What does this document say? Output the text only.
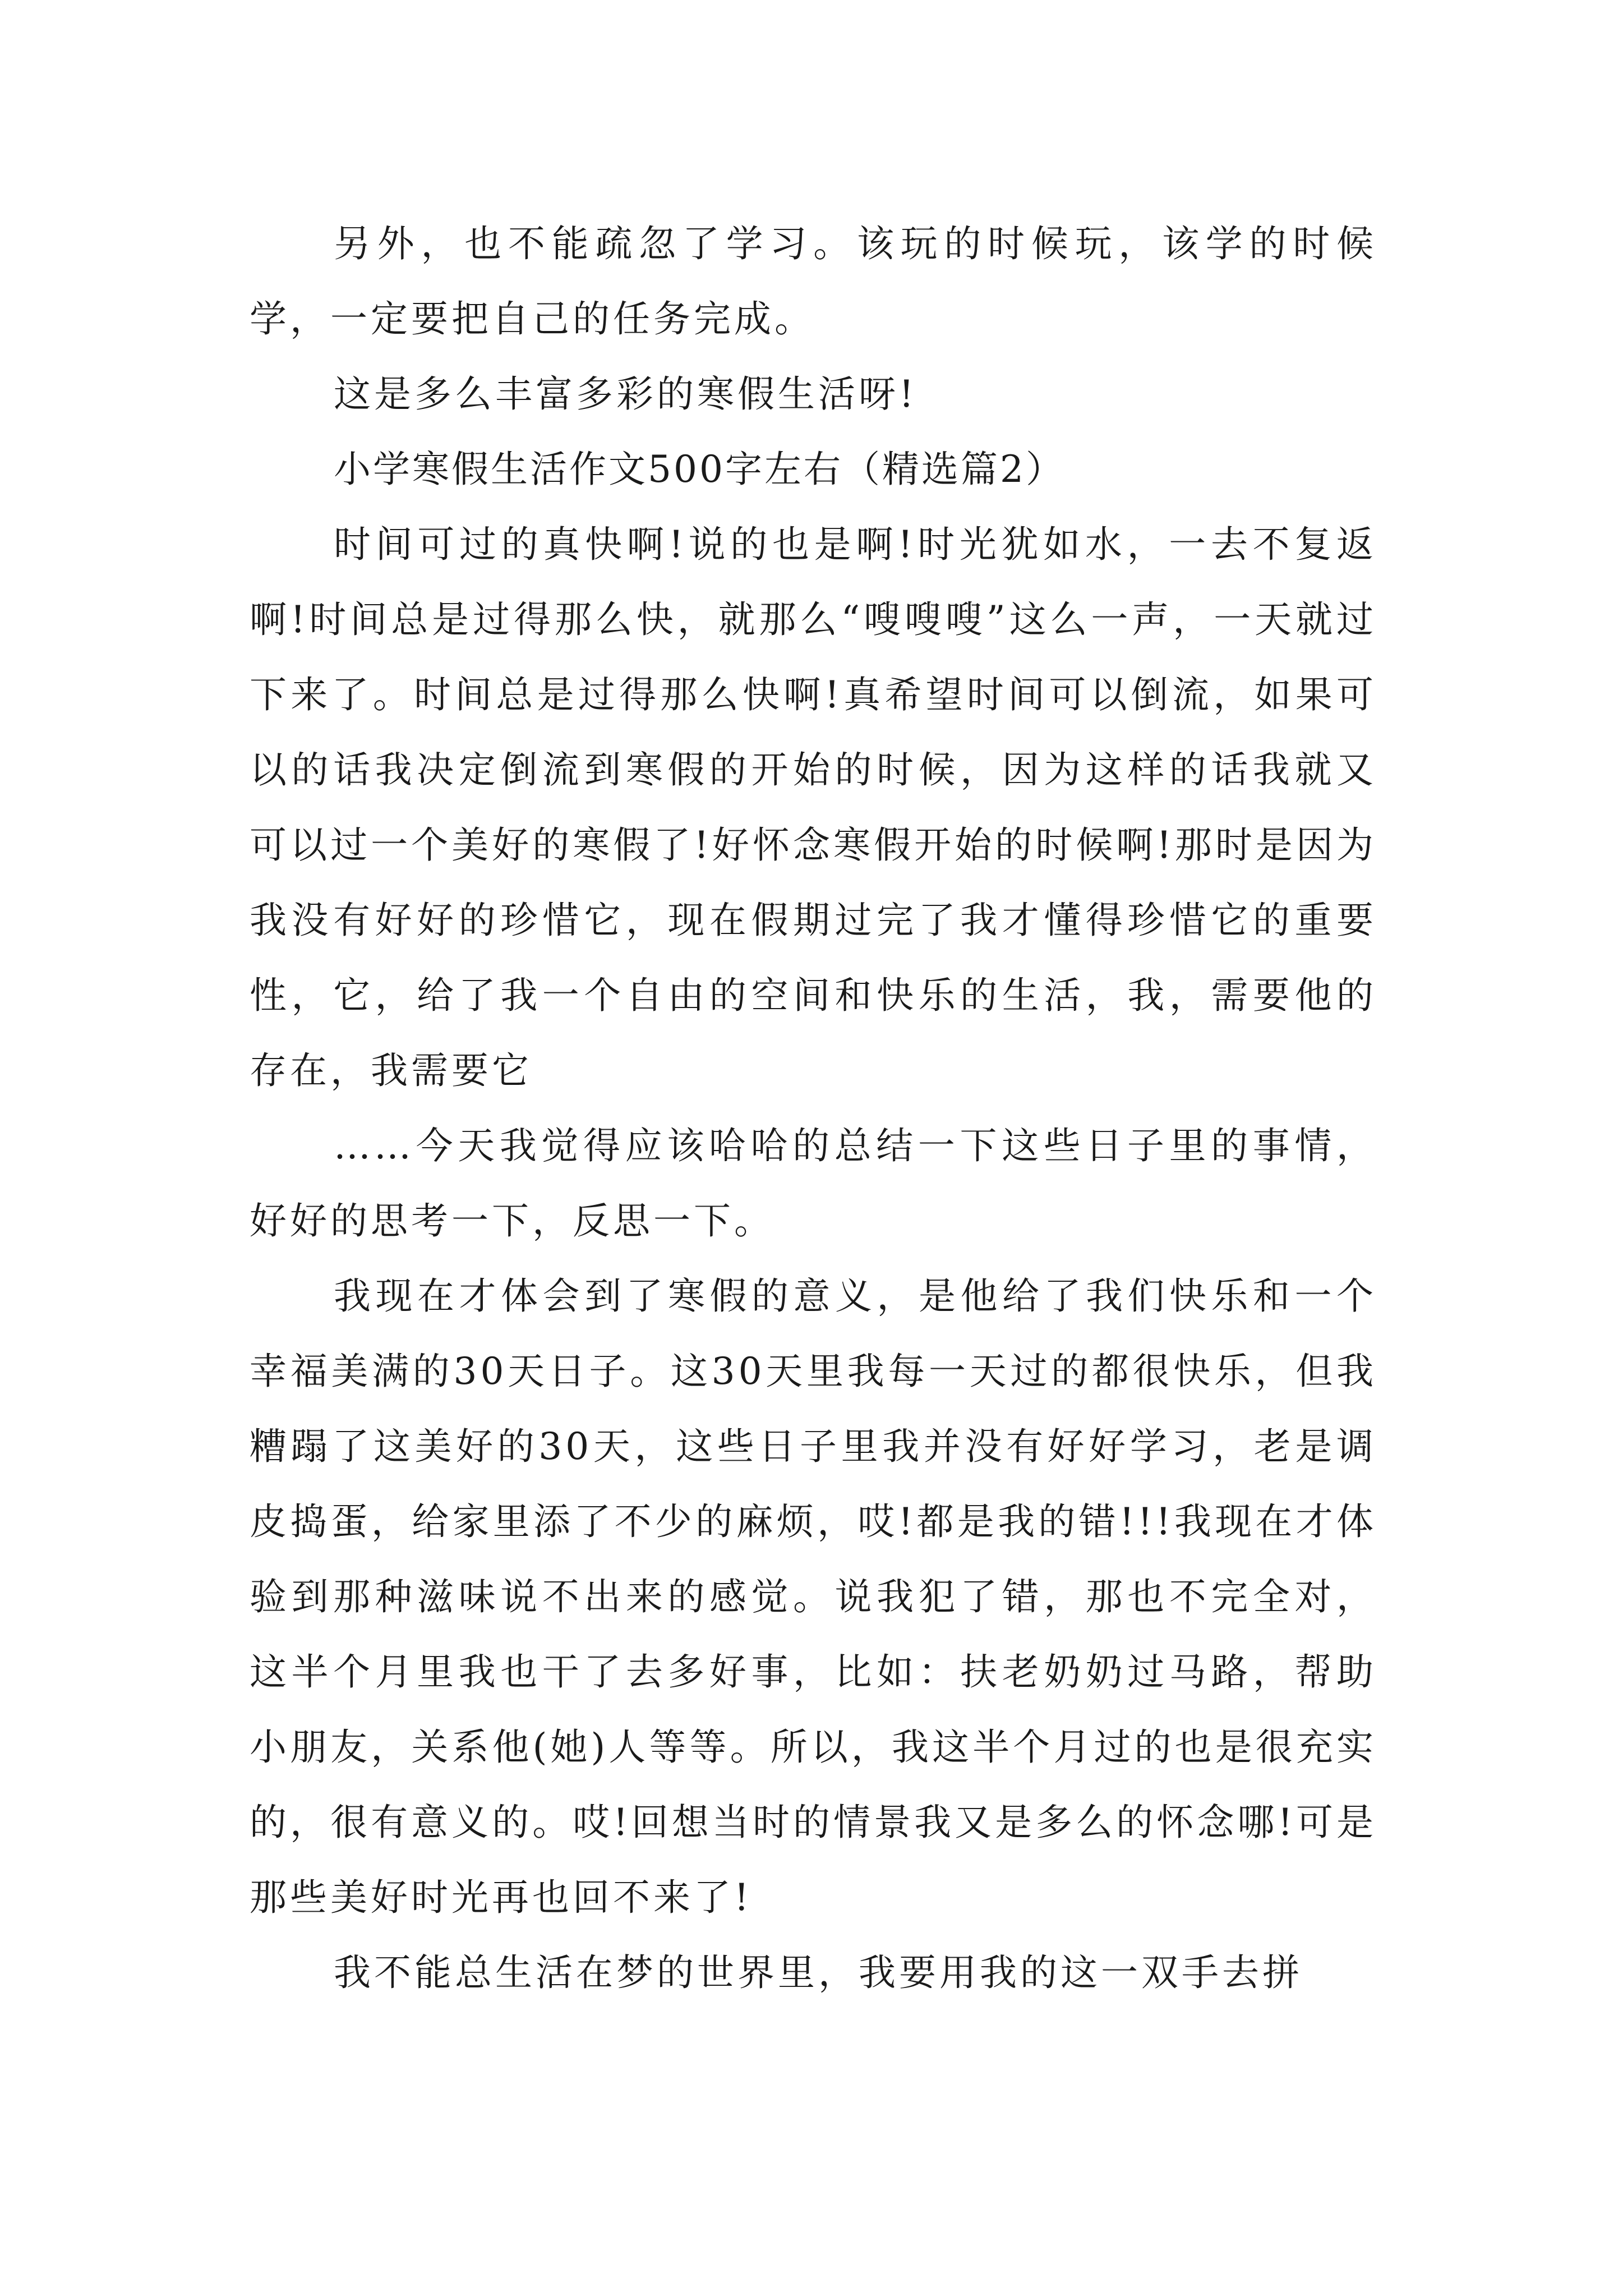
另外，也不能疏忽了学习。该玩的时候玩，该学的时候学，一定要把自己的任务完成。

这是多么丰富多彩的寒假生活呀!

小学寒假生活作文500字左右（精选篇2）

时间可过的真快啊!说的也是啊!时光犹如水，一去不复返啊!时间总是过得那么快，就那么“嗖嗖嗖”这么一声，一天就过下来了。时间总是过得那么快啊!真希望时间可以倒流，如果可以的话我决定倒流到寒假的开始的时候，因为这样的话我就又可以过一个美好的寒假了!好怀念寒假开始的时候啊!那时是因为我没有好好的珍惜它，现在假期过完了我才懂得珍惜它的重要性，它，给了我一个自由的空间和快乐的生活，我，需要他的存在，我需要它

……今天我觉得应该哈哈的总结一下这些日子里的事情，好好的思考一下，反思一下。

我现在才体会到了寒假的意义，是他给了我们快乐和一个幸福美满的30天日子。这30天里我每一天过的都很快乐，但我糟蹋了这美好的30天，这些日子里我并没有好好学习，老是调皮捣蛋，给家里添了不少的麻烦，哎!都是我的错!!!我现在才体验到那种滋味说不出来的感觉。说我犯了错，那也不完全对，这半个月里我也干了去多好事，比如：扶老奶奶过马路，帮助小朋友，关系他(她)人等等。所以，我这半个月过的也是很充实的，很有意义的。哎!回想当时的情景我又是多么的怀念哪!可是那些美好时光再也回不来了!

我不能总生活在梦的世界里，我要用我的这一双手去拼
